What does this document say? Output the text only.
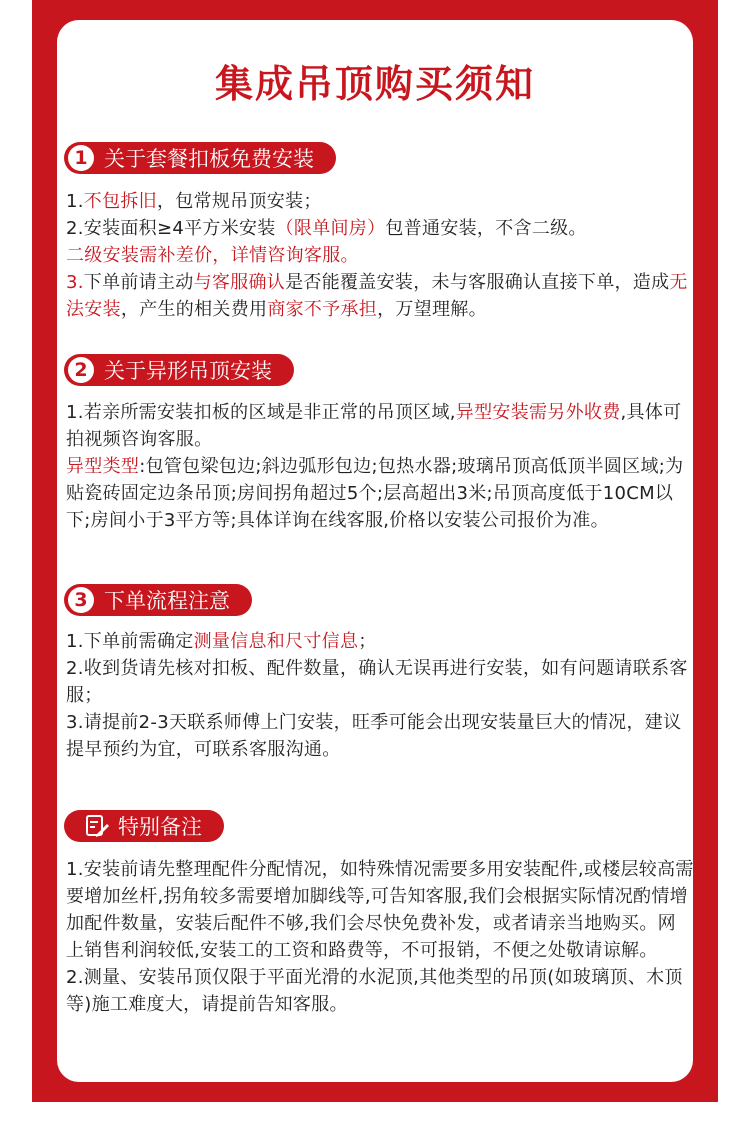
集成吊顶购买须知
1 关于套餐扣板免费安装

1.不包拆旧，包常规吊顶安装；

2.安装面积≥4平方米安装（限单间房）包普通安装，不含二级。

二级安装需补差价，详情咨询客服。

3.下单前请主动与客服确认是否能覆盖安装，未与客服确认直接下单，造成无法安装，产生的相关费用商家不予承担，万望理解。

2 关于异形吊顶安装

1.若亲所需安装扣板的区域是非正常的吊顶区域,异型安装需另外收费,具体可拍视频咨询客服。

异型类型:包管包梁包边;斜边弧形包边;包热水器;玻璃吊顶高低顶半圆区域;为贴瓷砖固定边条吊顶;房间拐角超过5个;层高超出3米;吊顶高度低于10CM以下;房间小于3平方等;具体详询在线客服,价格以安装公司报价为准。

3 下单流程注意

1.下单前需确定测量信息和尺寸信息；

2.收到货请先核对扣板、配件数量，确认无误再进行安装，如有问题请联系客服；

3.请提前2-3天联系师傅上门安装，旺季可能会出现安装量巨大的情况，建议提早预约为宜，可联系客服沟通。

特别备注

1.安装前请先整理配件分配情况，如特殊情况需要多用安装配件,或楼层较高需要增加丝杆,拐角较多需要增加脚线等,可告知客服,我们会根据实际情况酌情增加配件数量，安装后配件不够,我们会尽快免费补发，或者请亲当地购买。网上销售利润较低,安装工的工资和路费等，不可报销，不便之处敬请谅解。

2.测量、安装吊顶仅限于平面光滑的水泥顶,其他类型的吊顶(如玻璃顶、木顶等)施工难度大，请提前告知客服。
